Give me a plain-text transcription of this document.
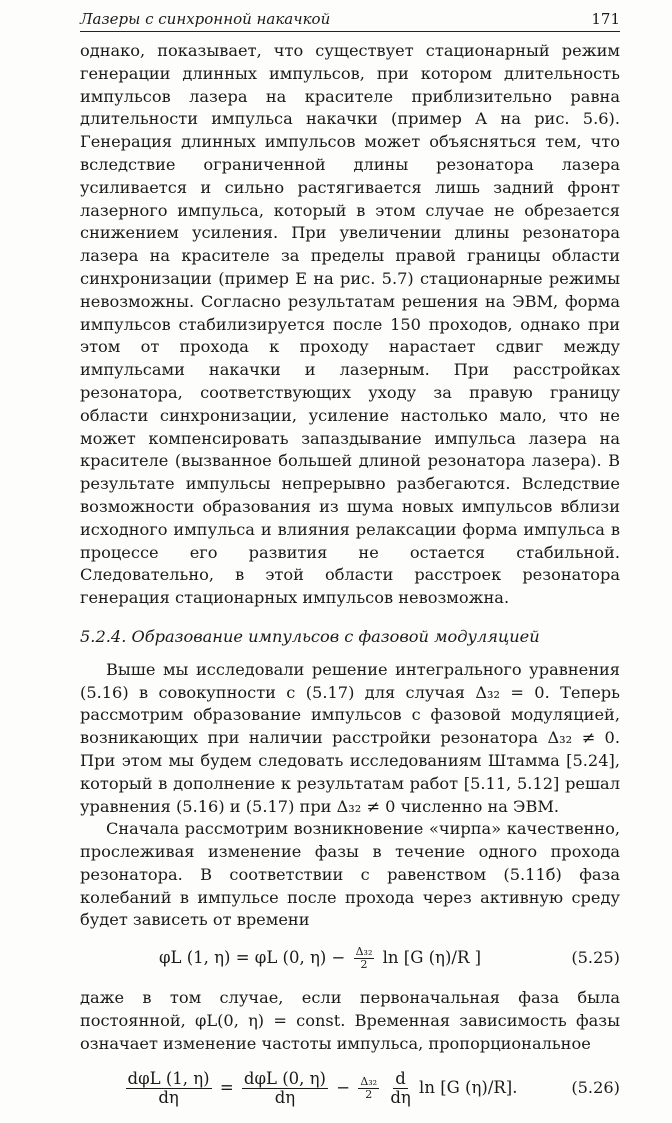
Лазеры с синхронной накачкой	171

однако, показывает, что существует стационарный режим генерации длинных импульсов, при котором длительность импульсов лазера на красителе приблизительно равна длительности импульса накачки (пример А на рис. 5.6). Генерация длинных импульсов может объясняться тем, что вследствие ограниченной длины резонатора лазера усиливается и сильно растягивается лишь задний фронт лазерного импульса, который в этом случае не обрезается снижением усиления. При увеличении длины резонатора лазера на красителе за пределы правой границы области синхронизации (пример Е на рис. 5.7) стационарные режимы невозможны. Согласно результатам решения на ЭВМ, форма импульсов стабилизируется после 150 проходов, однако при этом от прохода к проходу нарастает сдвиг между импульсами накачки и лазерным. При расстройках резонатора, соответствующих уходу за правую границу области синхронизации, усиление настолько мало, что не может компенсировать запаздывание импульса лазера на красителе (вызванное большей длиной резонатора лазера). В результате импульсы непрерывно разбегаются. Вследствие возможности образования из шума новых импульсов вблизи исходного импульса и влияния релаксации форма импульса в процессе его развития не остается стабильной. Следовательно, в этой области расстроек резонатора генерация стационарных импульсов невозможна.

5.2.4. Образование импульсов с фазовой модуляцией

Выше мы исследовали решение интегрального уравнения (5.16) в совокупности с (5.17) для случая Δ₃₂ = 0. Теперь рассмотрим образование импульсов с фазовой модуляцией, возникающих при наличии расстройки резонатора Δ₃₂ ≠ 0. При этом мы будем следовать исследованиям Штамма [5.24], который в дополнение к результатам работ [5.11, 5.12] решал уравнения (5.16) и (5.17) при Δ₃₂ ≠ 0 численно на ЭВМ.

Сначала рассмотрим возникновение «чирпа» качественно, прослеживая изменение фазы в течение одного прохода резонатора. В соответствии с равенством (5.11б) фаза колебаний в импульсе после прохода через активную среду будет зависеть от времени

φL (1, η) = φL (0, $\eta) - \frac{\text{Δ₃₂}}{2}$ ln [G (η)/R ]	(5.25)

даже в том случае, если первоначальная фаза была постоянной, φL(0, η) = const. Временная зависимость фазы означает изменение частоты импульса, пропорциональное

$\frac{\text{dφL (1, η)}}{d\eta} = \frac{\text{dφL (0, η)}}{d\eta} - \frac{\text{Δ₃₂}}{2}$
$\frac{d}{d\eta}$ ln [G (η)/R].	(5.26)
